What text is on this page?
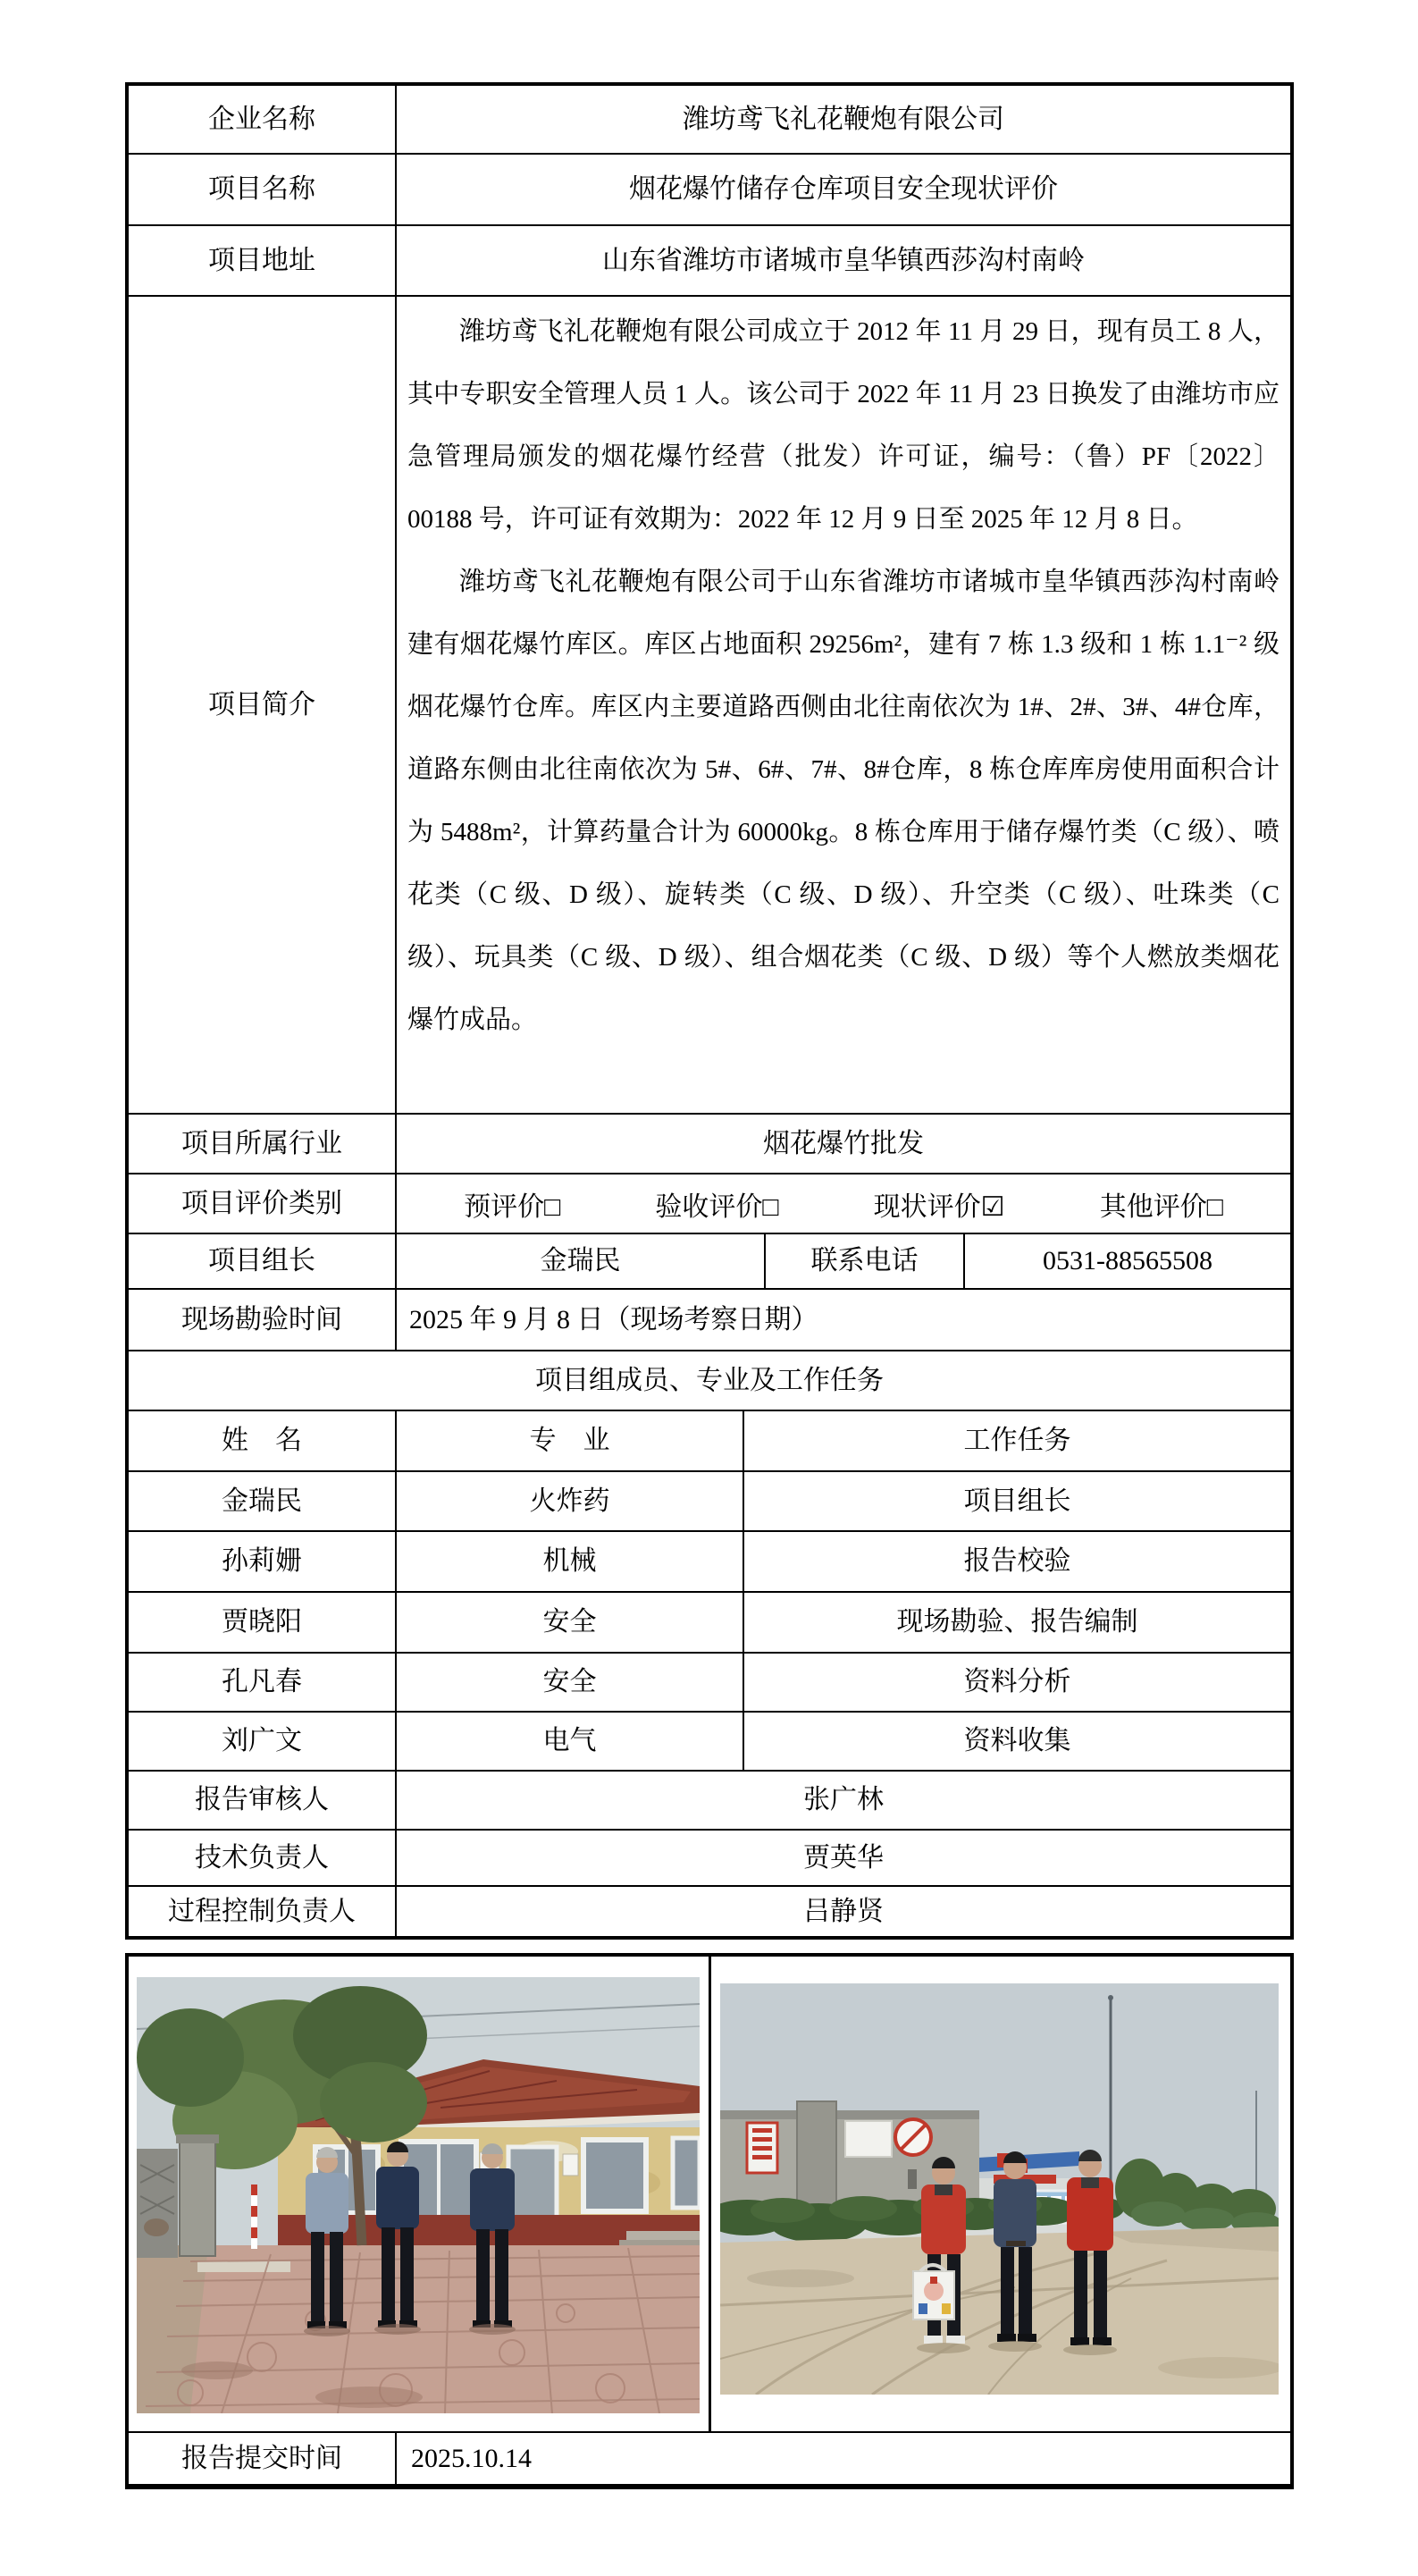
企业名称	潍坊鸢飞礼花鞭炮有限公司
项目名称	烟花爆竹储存仓库项目安全现状评价
项目地址	山东省潍坊市诸城市皇华镇西莎沟村南岭
项目简介

潍坊鸢飞礼花鞭炮有限公司成立于 2012 年 11 月 29 日，现有员工 8 人，其中专职安全管理人员 1 人。该公司于 2022 年 11 月 23 日换发了由潍坊市应急管理局颁发的烟花爆竹经营（批发）许可证，编号：（鲁）PF〔2022〕00188 号，许可证有效期为：2022 年 12 月 9 日至 2025 年 12 月 8 日。

潍坊鸢飞礼花鞭炮有限公司于山东省潍坊市诸城市皇华镇西莎沟村南岭建有烟花爆竹库区。库区占地面积 29256m²，建有 7 栋 1.3 级和 1 栋 1.1⁻² 级烟花爆竹仓库。库区内主要道路西侧由北往南依次为 1#、2#、3#、4#仓库，道路东侧由北往南依次为 5#、6#、7#、8#仓库，8 栋仓库库房使用面积合计为 5488m²，计算药量合计为 60000kg。8 栋仓库用于储存爆竹类（C 级）、喷花类（C 级、D 级）、旋转类（C 级、D 级）、升空类（C 级）、吐珠类（C 级）、玩具类（C 级、D 级）、组合烟花类（C 级、D 级）等个人燃放类烟花爆竹成品。

项目所属行业	烟花爆竹批发
项目评价类别	预评价□	验收评价□	现状评价☑	其他评价□
项目组长	金瑞民	联系电话	0531-88565508
现场勘验时间	2025 年 9 月 8 日（现场考察日期）
项目组成员、专业及工作任务
姓　名	专　业	工作任务
金瑞民	火炸药	项目组长
孙莉姗	机械	报告校验
贾晓阳	安全	现场勘验、报告编制
孔凡春	安全	资料分析
刘广文	电气	资料收集
报告审核人	张广林
技术负责人	贾英华
过程控制负责人	吕静贤
报告提交时间	2025.10.14
